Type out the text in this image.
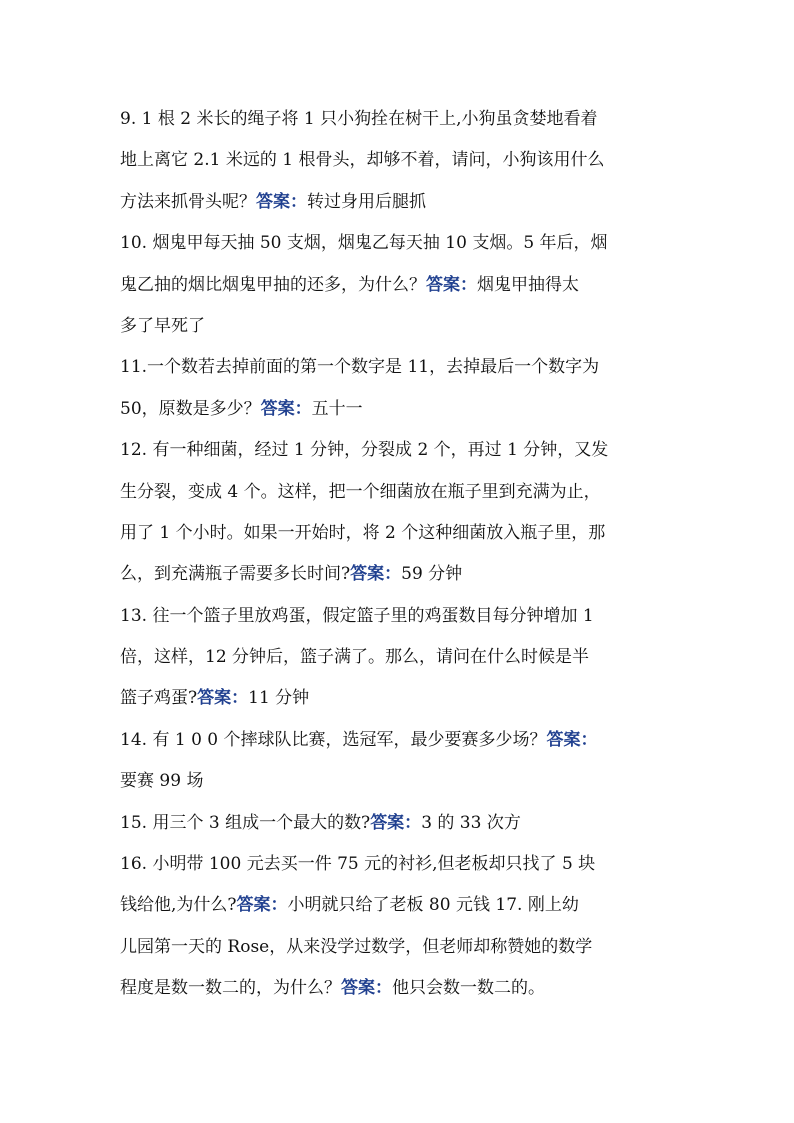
9. 1 根 2 米长的绳子将 1 只小狗拴在树干上,小狗虽贪婪地看着
地上离它 2.1 米远的 1 根骨头，却够不着，请问，小狗该用什么
方法来抓骨头呢？答案：转过身用后腿抓
10. 烟鬼甲每天抽 50 支烟，烟鬼乙每天抽 10 支烟。5 年后，烟
鬼乙抽的烟比烟鬼甲抽的还多，为什么？答案：烟鬼甲抽得太
多了早死了
11.一个数若去掉前面的第一个数字是 11，去掉最后一个数字为
50，原数是多少？答案：五十一
12. 有一种细菌，经过 1 分钟，分裂成 2 个，再过 1 分钟，又发
生分裂，变成 4 个。这样，把一个细菌放在瓶子里到充满为止，
用了 1 个小时。如果一开始时，将 2 个这种细菌放入瓶子里，那
么，到充满瓶子需要多长时间?答案：59 分钟
13. 往一个篮子里放鸡蛋，假定篮子里的鸡蛋数目每分钟增加 1
倍，这样，12 分钟后，篮子满了。那么，请问在什么时候是半
篮子鸡蛋?答案：11 分钟
14. 有 1 0 0 个摔球队比赛，选冠军，最少要赛多少场？答案：
要赛 99 场
15. 用三个 3 组成一个最大的数?答案：3 的 33 次方
16. 小明带 100 元去买一件 75 元的衬衫,但老板却只找了 5 块
钱给他,为什么?答案：小明就只给了老板 80 元钱 17. 刚上幼
儿园第一天的 Rose，从来没学过数学，但老师却称赞她的数学
程度是数一数二的，为什么？答案：他只会数一数二的。
